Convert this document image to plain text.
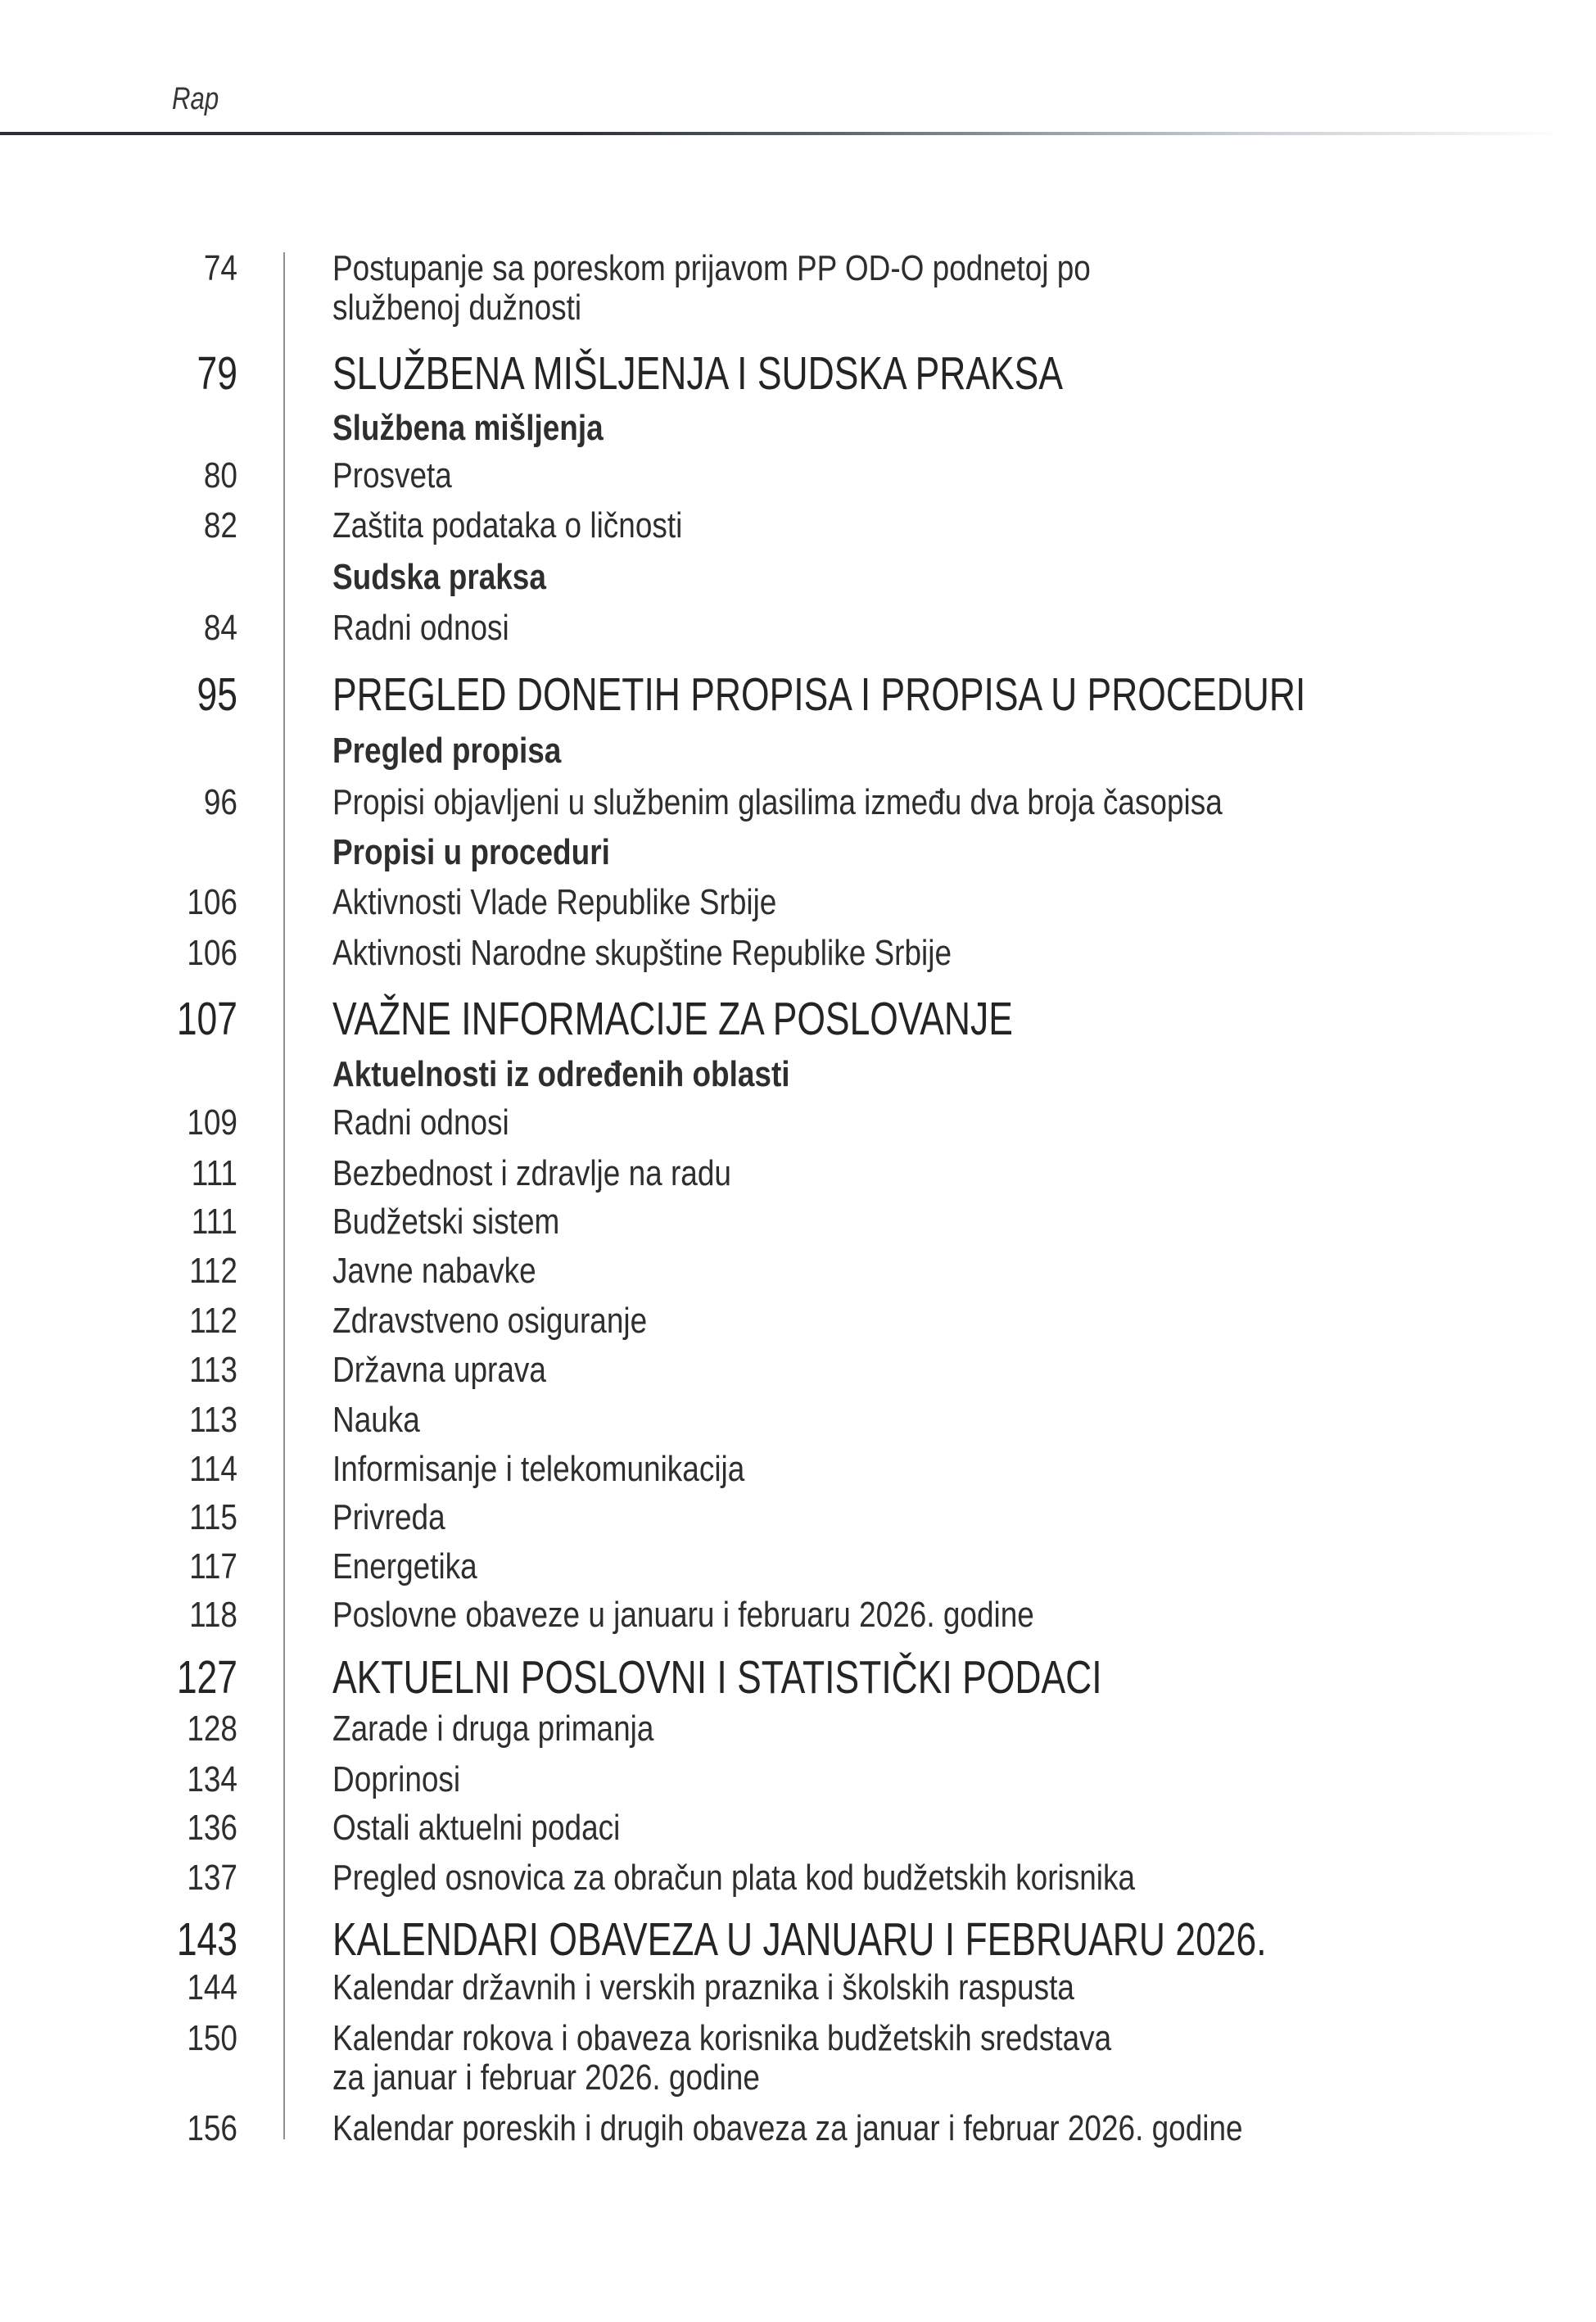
Rap
74	Postupanje sa poreskom prijavom PP OD-O podnetoj po
službenoj dužnosti
79 SLUŽBENA MIŠLJENJA I SUDSKA PRAKSA
Službena mišljenja
80	Prosveta
82	Zaštita podataka o ličnosti
Sudska praksa
84	Radni odnosi
95 PREGLED DONETIH PROPISA I PROPISA U PROCEDURI
Pregled propisa
96	Propisi objavljeni u službenim glasilima između dva broja časopisa
Propisi u proceduri
106	Aktivnosti Vlade Republike Srbije
106	Aktivnosti Narodne skupštine Republike Srbije
107 VAŽNE INFORMACIJE ZA POSLOVANJE
Aktuelnosti iz određenih oblasti
109	Radni odnosi
111	Bezbednost i zdravlje na radu
111	Budžetski sistem
112	Javne nabavke
112	Zdravstveno osiguranje
113	Državna uprava
113	Nauka
114	Informisanje i telekomunikacija
115	Privreda
117	Energetika
118	Poslovne obaveze u januaru i februaru 2026. godine
127 AKTUELNI POSLOVNI I STATISTIČKI PODACI
128	Zarade i druga primanja
134	Doprinosi
136	Ostali aktuelni podaci
137	Pregled osnovica za obračun plata kod budžetskih korisnika
143 KALENDARI OBAVEZA U JANUARU I FEBRUARU 2026.
144	Kalendar državnih i verskih praznika i školskih raspusta
150	Kalendar rokova i obaveza korisnika budžetskih sredstava
za januar i februar 2026. godine
156	Kalendar poreskih i drugih obaveza za januar i februar 2026. godine
